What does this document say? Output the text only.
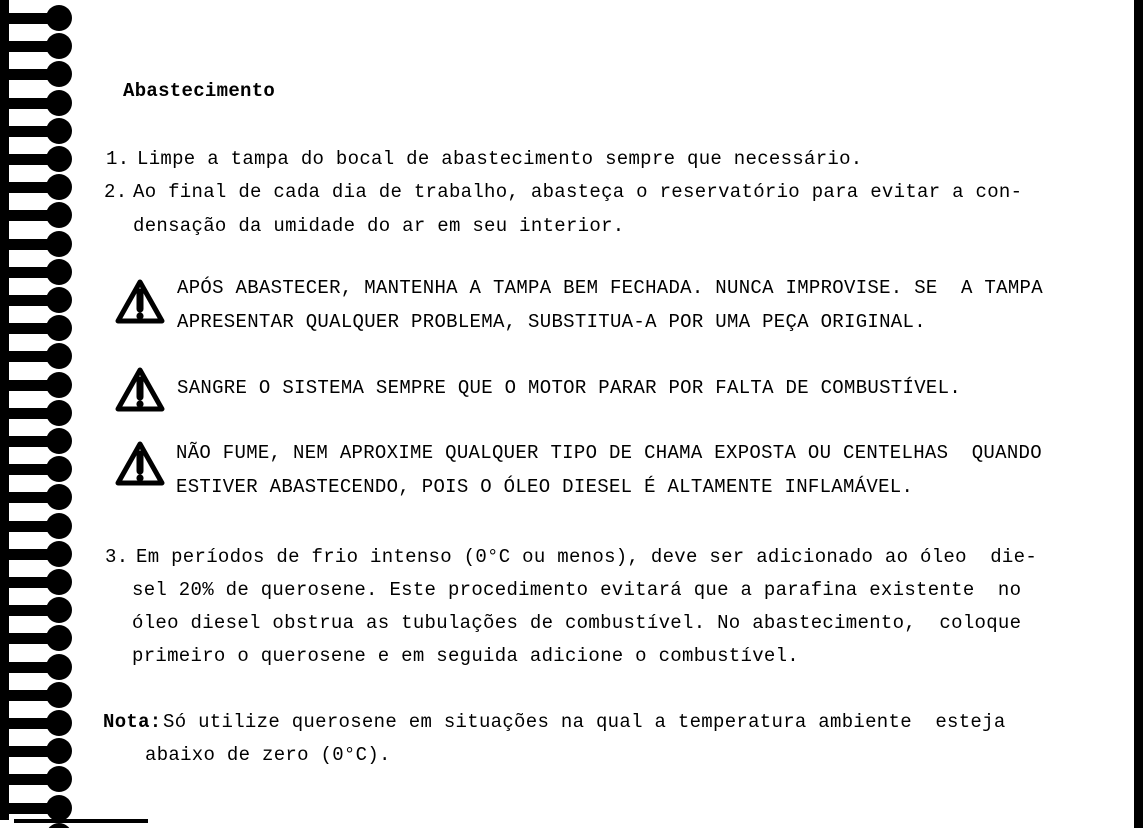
Abastecimento
1. Limpe a tampa do bocal de abastecimento sempre que necessário.
2. Ao final de cada dia de trabalho, abasteça o reservatório para evitar a con-
densação da umidade do ar em seu interior.
APÓS ABASTECER, MANTENHA A TAMPA BEM FECHADA. NUNCA IMPROVISE. SE  A TAMPA
APRESENTAR QUALQUER PROBLEMA, SUBSTITUA-A POR UMA PEÇA ORIGINAL.
SANGRE O SISTEMA SEMPRE QUE O MOTOR PARAR POR FALTA DE COMBUSTÍVEL.
NÃO FUME, NEM APROXIME QUALQUER TIPO DE CHAMA EXPOSTA OU CENTELHAS  QUANDO
ESTIVER ABASTECENDO, POIS O ÓLEO DIESEL É ALTAMENTE INFLAMÁVEL.
3. Em períodos de frio intenso (0°C ou menos), deve ser adicionado ao óleo  die-
sel 20% de querosene. Este procedimento evitará que a parafina existente  no
óleo diesel obstrua as tubulações de combustível. No abastecimento,  coloque
primeiro o querosene e em seguida adicione o combustível.
Nota: Só utilize querosene em situações na qual a temperatura ambiente  esteja
abaixo de zero (0°C).
